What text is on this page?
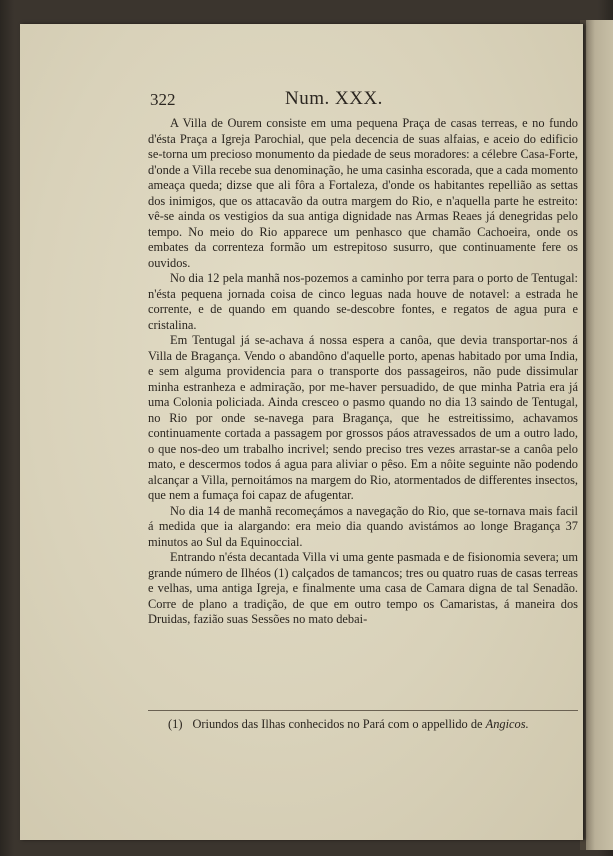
322	Num. XXX.

A Villa de Ourem consiste em uma pequena Praça de casas terreas, e no fundo d'ésta Praça a Igreja Parochial, que pela decencia de suas alfaias, e aceio do edificio se-torna um precioso monumento da piedade de seus moradores: a célebre Casa-Forte, d'onde a Villa recebe sua denominação, he uma casinha escorada, que a cada momento ameaça queda; dizse que ali fôra a Fortaleza, d'onde os habitantes repellião as settas dos inimigos, que os attacavão da outra margem do Rio, e n'aquella parte he estreito: vê-se ainda os vestigios da sua antiga dignidade nas Armas Reaes já denegridas pelo tempo. No meio do Rio apparece um penhasco que chamão Cachoeira, onde os embates da correnteza formão um estrepitoso susurro, que continuamente fere os ouvidos.

No dia 12 pela manhã nos-pozemos a caminho por terra para o porto de Tentugal: n'ésta pequena jornada coisa de cinco leguas nada houve de notavel: a estrada he corrente, e de quando em quando se-descobre fontes, e regatos de agua pura e cristalina.

Em Tentugal já se-achava á nossa espera a canôa, que devia transportar-nos á Villa de Bragança. Vendo o abandôno d'aquelle porto, apenas habitado por uma India, e sem alguma providencia para o transporte dos passageiros, não pude dissimular minha estranheza e admiração, por me-haver persuadido, de que minha Patria era já uma Colonia policiada. Ainda cresceo o pasmo quando no dia 13 saindo de Tentugal, no Rio por onde se-navega para Bragança, que he estreitissimo, achavamos continuamente cortada a passagem por grossos páos atravessados de um a outro lado, o que nos-deo um trabalho incrivel; sendo preciso tres vezes arrastar-se a canôa pelo mato, e descermos todos á agua para aliviar o pêso. Em a nôite seguinte não podendo alcançar a Villa, pernoitámos na margem do Rio, atormentados de differentes insectos, que nem a fumaça foi capaz de afugentar.

No dia 14 de manhã recomeçámos a navegação do Rio, que se-tornava mais facil á medida que ia alargando: era meio dia quando avistámos ao longe Bragança 37 minutos ao Sul da Equinoccial.

Entrando n'ésta decantada Villa vi uma gente pasmada e de fisionomia severa; um grande número de Ilhéos (1) calçados de tamancos; tres ou quatro ruas de casas terreas e velhas, uma antiga Igreja, e finalmente uma casa de Camara digna de tal Senadão. Corre de plano a tradição, de que em outro tempo os Camaristas, á maneira dos Druidas, fazião suas Sessões no mato debai-

(1) Oriundos das Ilhas conhecidos no Pará com o appellido de Angicos.
